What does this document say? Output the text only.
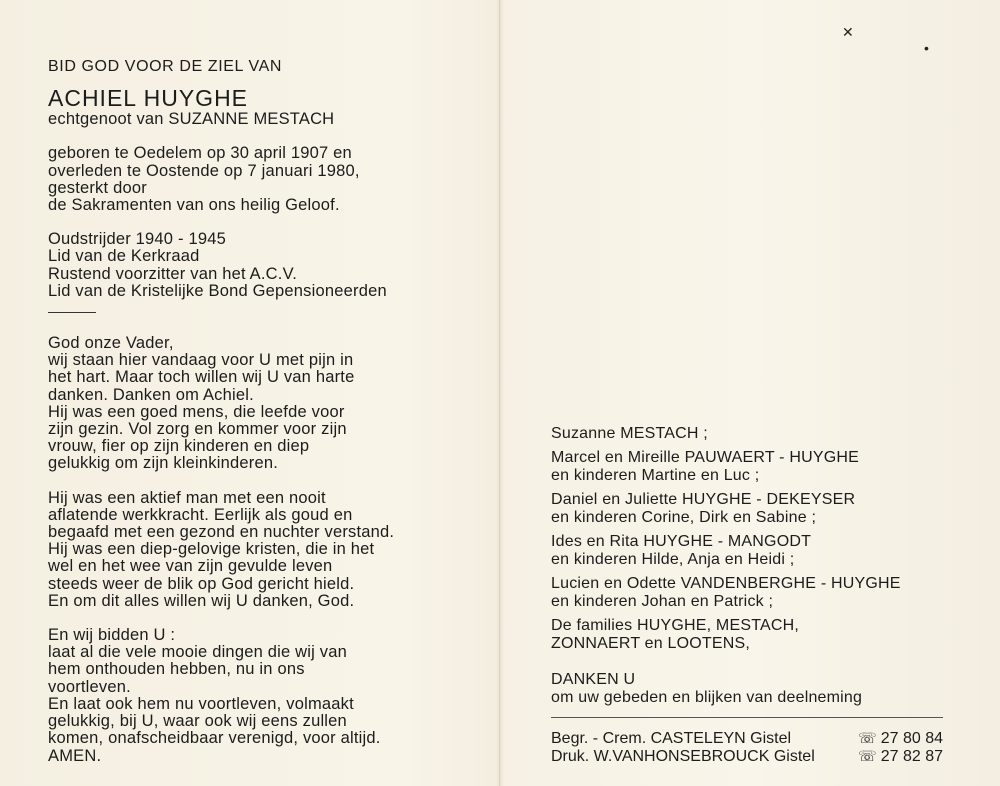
✕
•
BID GOD VOOR DE ZIEL VAN
ACHIEL HUYGHE
echtgenoot van SUZANNE MESTACH
geboren te Oedelem op 30 april 1907 en
overleden te Oostende op 7 januari 1980,
gesterkt door
de Sakramenten van ons heilig Geloof.
Oudstrijder 1940 - 1945
Lid van de Kerkraad
Rustend voorzitter van het A.C.V.
Lid van de Kristelijke Bond Gepensioneerden
God onze Vader,
wij staan hier vandaag voor U met pijn in
het hart. Maar toch willen wij U van harte
danken. Danken om Achiel.
Hij was een goed mens, die leefde voor
zijn gezin. Vol zorg en kommer voor zijn
vrouw, fier op zijn kinderen en diep
gelukkig om zijn kleinkinderen.
Hij was een aktief man met een nooit
aflatende werkkracht. Eerlijk als goud en
begaafd met een gezond en nuchter verstand.
Hij was een diep-gelovige kristen, die in het
wel en het wee van zijn gevulde leven
steeds weer de blik op God gericht hield.
En om dit alles willen wij U danken, God.
En wij bidden U :
laat al die vele mooie dingen die wij van
hem onthouden hebben, nu in ons
voortleven.
En laat ook hem nu voortleven, volmaakt
gelukkig, bij U, waar ook wij eens zullen
komen, onafscheidbaar verenigd, voor altijd.
AMEN.
Suzanne MESTACH ;
Marcel en Mireille PAUWAERT - HUYGHE
en kinderen Martine en Luc ;
Daniel en Juliette HUYGHE - DEKEYSER
en kinderen Corine, Dirk en Sabine ;
Ides en Rita HUYGHE - MANGODT
en kinderen Hilde, Anja en Heidi ;
Lucien en Odette VANDENBERGHE - HUYGHE
en kinderen Johan en Patrick ;
De families HUYGHE, MESTACH,
ZONNAERT en LOOTENS,
DANKEN U
om uw gebeden en blijken van deelneming
Begr. - Crem. CASTELEYN Gistel	☏ 27 80 84
Druk. W.VANHONSEBROUCK Gistel	☏ 27 82 87
